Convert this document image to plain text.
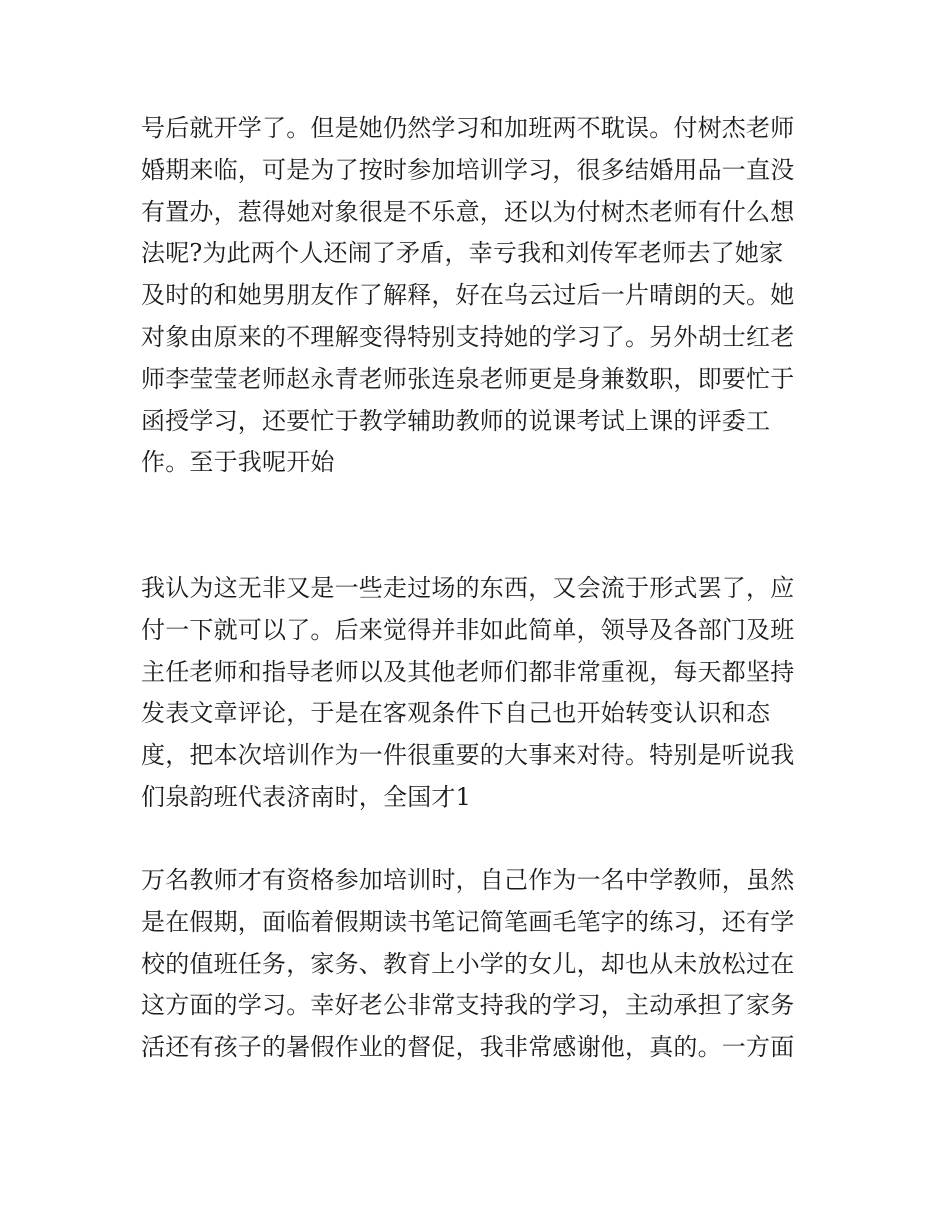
号后就开学了。但是她仍然学习和加班两不耽误。付树杰老师
婚期来临，可是为了按时参加培训学习，很多结婚用品一直没
有置办，惹得她对象很是不乐意，还以为付树杰老师有什么想
法呢?为此两个人还闹了矛盾，幸亏我和刘传军老师去了她家
及时的和她男朋友作了解释，好在乌云过后一片晴朗的天。她
对象由原来的不理解变得特别支持她的学习了。另外胡士红老
师李莹莹老师赵永青老师张连泉老师更是身兼数职，即要忙于
函授学习，还要忙于教学辅助教师的说课考试上课的评委工
作。至于我呢开始
我认为这无非又是一些走过场的东西，又会流于形式罢了，应
付一下就可以了。后来觉得并非如此简单，领导及各部门及班
主任老师和指导老师以及其他老师们都非常重视，每天都坚持
发表文章评论，于是在客观条件下自己也开始转变认识和态
度，把本次培训作为一件很重要的大事来对待。特别是听说我
们泉韵班代表济南时，全国才1
万名教师才有资格参加培训时，自己作为一名中学教师，虽然
是在假期，面临着假期读书笔记简笔画毛笔字的练习，还有学
校的值班任务，家务、教育上小学的女儿，却也从未放松过在
这方面的学习。幸好老公非常支持我的学习，主动承担了家务
活还有孩子的暑假作业的督促，我非常感谢他，真的。一方面
